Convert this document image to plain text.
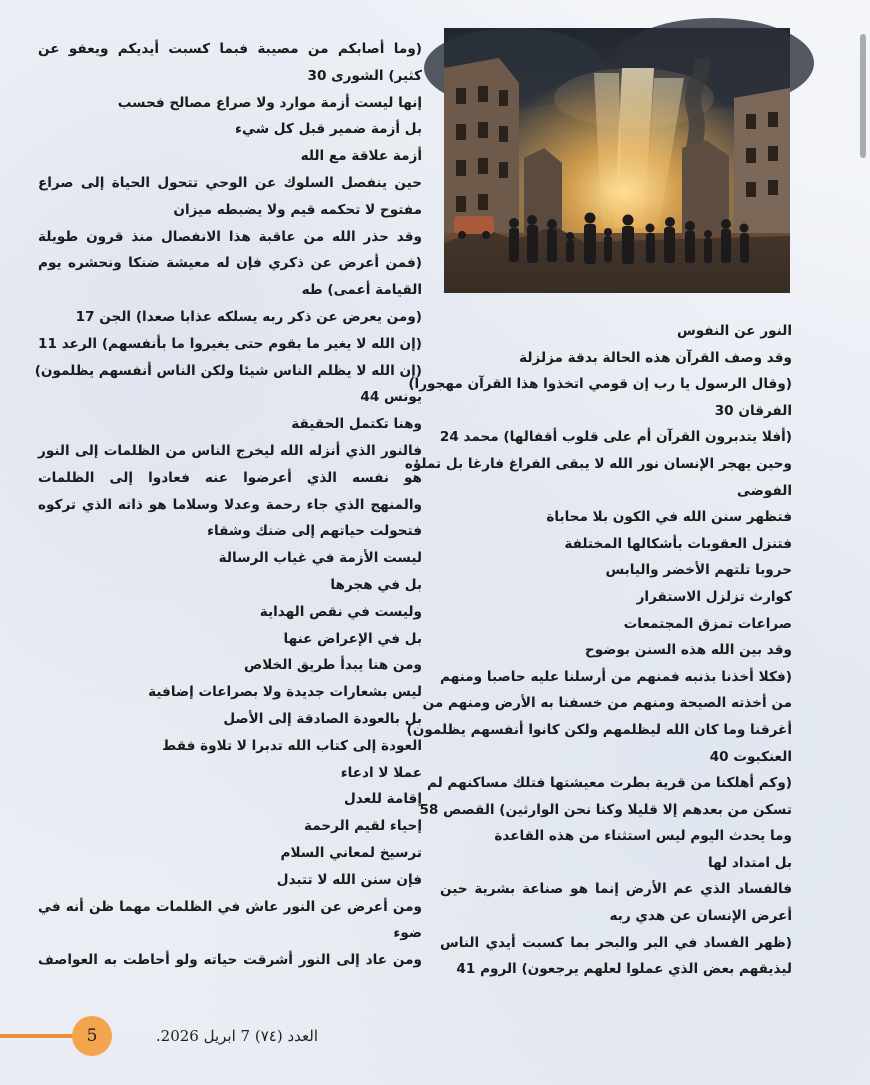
(وما أصابكم من مصيبة فبما كسبت أيديكم ويعفو عن
كثير) الشورى 30
إنها ليست أزمة موارد ولا صراع مصالح فحسب
بل أزمة ضمير قبل كل شيء
أزمة علاقة مع الله
حين ينفصل السلوك عن الوحي تتحول الحياة إلى صراع
مفتوح لا تحكمه قيم ولا يضبطه ميزان
وقد حذر الله من عاقبة هذا الانفصال منذ قرون طويلة
(فمن أعرض عن ذكري فإن له معيشة ضنكا ونحشره يوم
القيامة أعمى) طه
(ومن يعرض عن ذكر ربه يسلكه عذابا صعدا) الجن 17
(إن الله لا يغير ما بقوم حتى يغيروا ما بأنفسهم) الرعد 11
(إن الله لا يظلم الناس شيئا ولكن الناس أنفسهم يظلمون)
يونس 44
وهنا تكتمل الحقيقة
فالنور الذي أنزله الله ليخرج الناس من الظلمات إلى النور
هو نفسه الذي أعرضوا عنه فعادوا إلى الظلمات
والمنهج الذي جاء رحمة وعدلا وسلاما هو ذاته الذي تركوه
فتحولت حياتهم إلى ضنك وشقاء
ليست الأزمة في غياب الرسالة
بل في هجرها
وليست في نقص الهداية
بل في الإعراض عنها
ومن هنا يبدأ طريق الخلاص
ليس بشعارات جديدة ولا بصراعات إضافية
بل بالعودة الصادقة إلى الأصل
العودة إلى كتاب الله تدبرا لا تلاوة فقط
عملا لا ادعاء
إقامة للعدل
إحياء لقيم الرحمة
ترسيخ لمعاني السلام
فإن سنن الله لا تتبدل
ومن أعرض عن النور عاش في الظلمات مهما ظن أنه في
ضوء
ومن عاد إلى النور أشرقت حياته ولو أحاطت به العواصف
النور عن النفوس
وقد وصف القرآن هذه الحالة بدقة مزلزلة
(وقال الرسول يا رب إن قومي اتخذوا هذا القرآن مهجورا)
الفرقان 30
(أفلا يتدبرون القرآن أم على قلوب أقفالها) محمد 24
وحين يهجر الإنسان نور الله لا يبقى الفراغ فارغا بل تملؤه
الفوضى
فتظهر سنن الله في الكون بلا محاباة
فتنزل العقوبات بأشكالها المختلفة
حروبا تلتهم الأخضر واليابس
كوارث تزلزل الاستقرار
صراعات تمزق المجتمعات
وقد بين الله هذه السنن بوضوح
(فكلا أخذنا بذنبه فمنهم من أرسلنا عليه حاصبا ومنهم
من أخذته الصيحة ومنهم من خسفنا به الأرض ومنهم من
أغرقنا وما كان الله ليظلمهم ولكن كانوا أنفسهم يظلمون)
العنكبوت 40
(وكم أهلكنا من قرية بطرت معيشتها فتلك مساكنهم لم
تسكن من بعدهم إلا قليلا وكنا نحن الوارثين) القصص 58
وما يحدث اليوم ليس استثناء من هذه القاعدة
بل امتداد لها
فالفساد الذي عم الأرض إنما هو صناعة بشرية حين
أعرض الإنسان عن هدي ربه
(ظهر الفساد في البر والبحر بما كسبت أيدي الناس
ليذيقهم بعض الذي عملوا لعلهم يرجعون) الروم 41
5	العدد (٧٤) 7 ابريل 2026.
